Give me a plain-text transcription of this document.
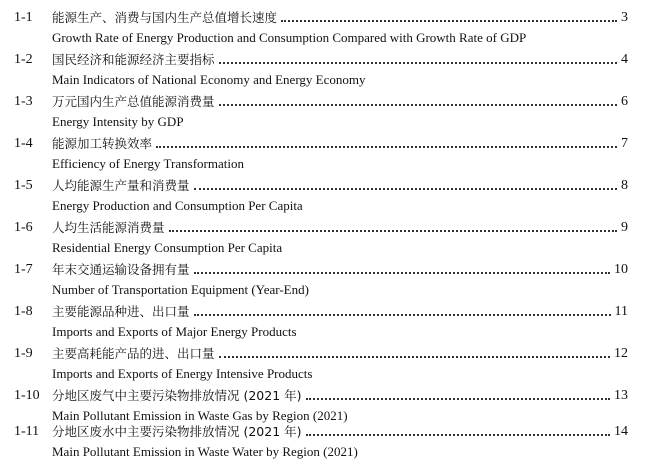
1-1 能源生产、消费与国内生产总值增长速度	3
Growth Rate of Energy Production and Consumption Compared with Growth Rate of GDP
1-2 国民经济和能源经济主要指标	4
Main Indicators of National Economy and Energy Economy
1-3 万元国内生产总值能源消费量	6
Energy Intensity by GDP
1-4 能源加工转换效率	7
Efficiency of Energy Transformation
1-5 人均能源生产量和消费量	8
Energy Production and Consumption Per Capita
1-6 人均生活能源消费量	9
Residential Energy Consumption Per Capita
1-7 年末交通运输设备拥有量	10
Number of Transportation Equipment (Year-End)
1-8 主要能源品种进、出口量	11
Imports and Exports of Major Energy Products
1-9 主要高耗能产品的进、出口量	12
Imports and Exports of Energy Intensive Products
1-10 分地区废气中主要污染物排放情况 (2021 年)	13
Main Pollutant Emission in Waste Gas by Region (2021)
1-11 分地区废水中主要污染物排放情况 (2021 年)	14
Main Pollutant Emission in Waste Water by Region (2021)
